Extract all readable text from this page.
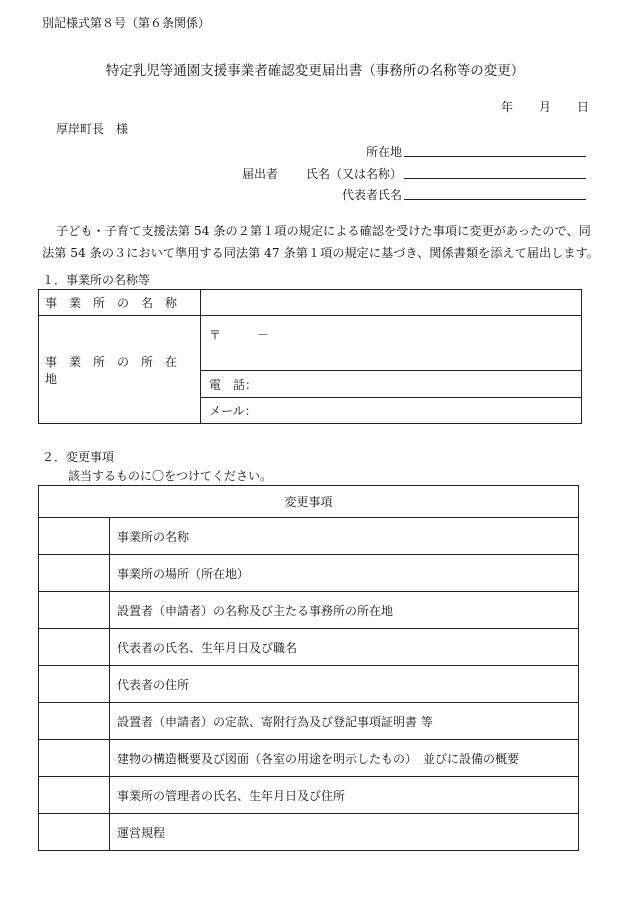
別記様式第８号（第６条関係）
特定乳児等通園支援事業者確認変更届出書（事務所の名称等の変更）
年 月 日
厚岸町長　様
所在地
届出者 氏名（又は名称）
代表者氏名
子ども・子育て支援法第 54 条の２第１項の規定による確認を受けた事項に変更があったので、同
法第 54 条の３において準用する同法第 47 条第１項の規定に基づき、関係書類を添えて届出します。
１．事業所の名称等
事　業　所　の　名　称	
事　業　所　の　所　在　地	〒　　　－
	電　話：
	メール：
２．変更事項
該当するものに〇をつけてください。
変更事項	
	事業所の名称
	事業所の場所（所在地）
	設置者（申請者）の名称及び主たる事務所の所在地
	代表者の氏名、生年月日及び職名
	代表者の住所
	設置者（申請者）の定款、寄附行為及び登記事項証明書 等
	建物の構造概要及び図面（各室の用途を明示したもの）　並びに設備の概要
	事業所の管理者の氏名、生年月日及び住所
	運営規程
